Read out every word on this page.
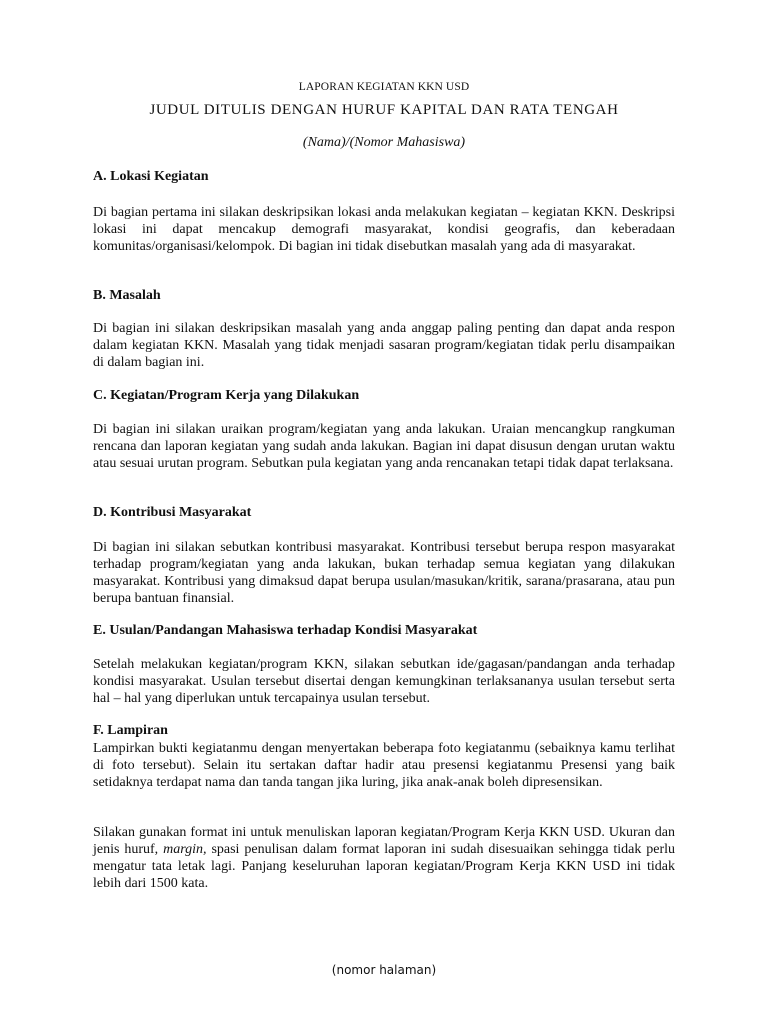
LAPORAN KEGIATAN KKN USD
JUDUL DITULIS DENGAN HURUF KAPITAL DAN RATA TENGAH
(Nama)/(Nomor Mahasiswa)
A. Lokasi Kegiatan

Di bagian pertama ini silakan deskripsikan lokasi anda melakukan kegiatan – kegiatan KKN. Deskripsi lokasi ini dapat mencakup demografi masyarakat, kondisi geografis, dan keberadaan komunitas/organisasi/kelompok. Di bagian ini tidak disebutkan masalah yang ada di masyarakat.

B. Masalah

Di bagian ini silakan deskripsikan masalah yang anda anggap paling penting dan dapat anda respon dalam kegiatan KKN. Masalah yang tidak menjadi sasaran program/kegiatan tidak perlu disampaikan di dalam bagian ini.

C. Kegiatan/Program Kerja yang Dilakukan

Di bagian ini silakan uraikan program/kegiatan yang anda lakukan. Uraian mencangkup rangkuman rencana dan laporan kegiatan yang sudah anda lakukan. Bagian ini dapat disusun dengan urutan waktu atau sesuai urutan program. Sebutkan pula kegiatan yang anda rencanakan tetapi tidak dapat terlaksana.

D. Kontribusi Masyarakat

Di bagian ini silakan sebutkan kontribusi masyarakat. Kontribusi tersebut berupa respon masyarakat terhadap program/kegiatan yang anda lakukan, bukan terhadap semua kegiatan yang dilakukan masyarakat. Kontribusi yang dimaksud dapat berupa usulan/masukan/kritik, sarana/prasarana, atau pun berupa bantuan finansial.

E. Usulan/Pandangan Mahasiswa terhadap Kondisi Masyarakat

Setelah melakukan kegiatan/program KKN, silakan sebutkan ide/gagasan/pandangan anda terhadap kondisi masyarakat. Usulan tersebut disertai dengan kemungkinan terlaksananya usulan tersebut serta hal – hal yang diperlukan untuk tercapainya usulan tersebut.

F. Lampiran

Lampirkan bukti kegiatanmu dengan menyertakan beberapa foto kegiatanmu (sebaiknya kamu terlihat di foto tersebut). Selain itu sertakan daftar hadir atau presensi kegiatanmu Presensi yang baik setidaknya terdapat nama dan tanda tangan jika luring, jika anak-anak boleh dipresensikan.

Silakan gunakan format ini untuk menuliskan laporan kegiatan/Program Kerja KKN USD. Ukuran dan jenis huruf, margin, spasi penulisan dalam format laporan ini sudah disesuaikan sehingga tidak perlu mengatur tata letak lagi. Panjang keseluruhan laporan kegiatan/Program Kerja KKN USD ini tidak lebih dari 1500 kata.

(nomor halaman)
